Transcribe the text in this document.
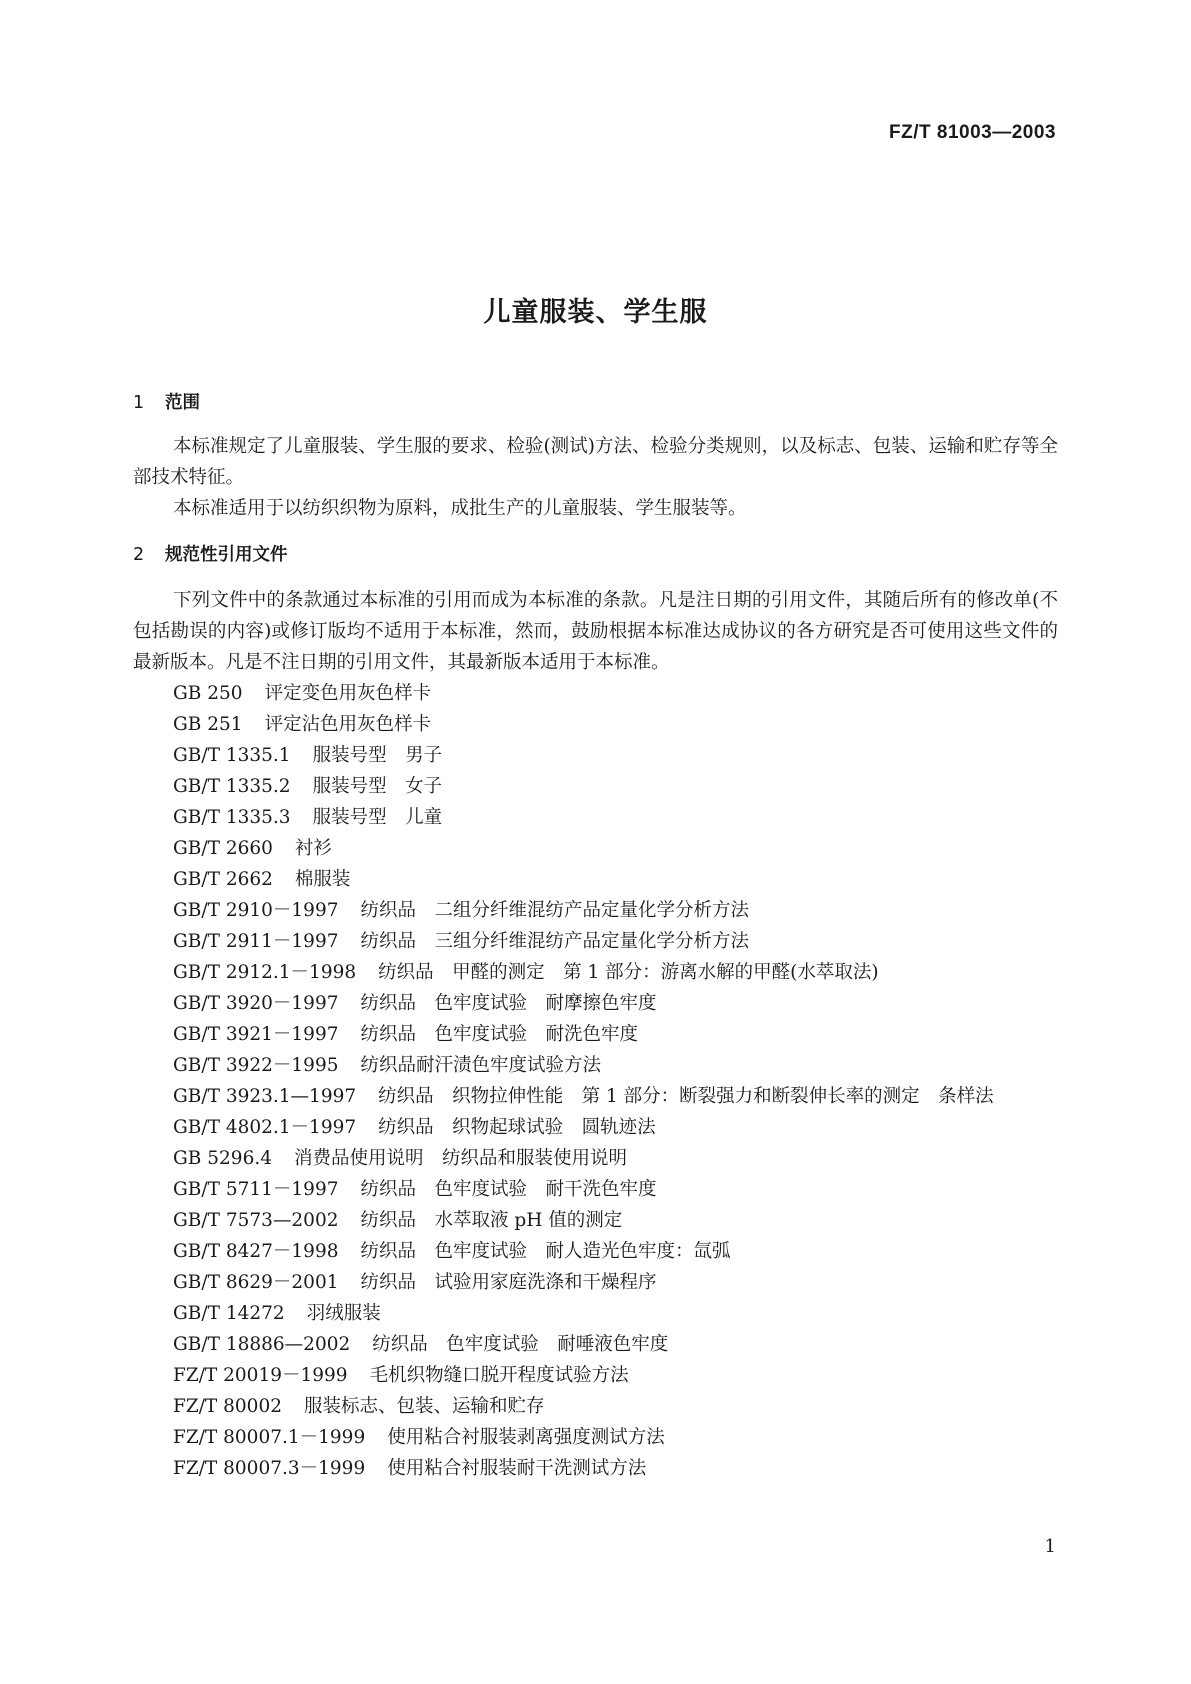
FZ/T 81003—2003
儿童服装、学生服
1 范围

本标准规定了儿童服装、学生服的要求、检验(测试)方法、检验分类规则，以及标志、包装、运输和贮存等全部技术特征。

本标准适用于以纺织织物为原料，成批生产的儿童服装、学生服装等。

2 规范性引用文件

下列文件中的条款通过本标准的引用而成为本标准的条款。凡是注日期的引用文件，其随后所有的修改单(不包括勘误的内容)或修订版均不适用于本标准，然而，鼓励根据本标准达成协议的各方研究是否可使用这些文件的最新版本。凡是不注日期的引用文件，其最新版本适用于本标准。

GB 250 评定变色用灰色样卡
GB 251 评定沾色用灰色样卡
GB/T 1335.1 服装号型　男子
GB/T 1335.2 服装号型　女子
GB/T 1335.3 服装号型　儿童
GB/T 2660 衬衫
GB/T 2662 棉服装
GB/T 2910－1997 纺织品　二组分纤维混纺产品定量化学分析方法
GB/T 2911－1997 纺织品　三组分纤维混纺产品定量化学分析方法
GB/T 2912.1－1998 纺织品　甲醛的测定　第 1 部分：游离水解的甲醛(水萃取法)
GB/T 3920－1997 纺织品　色牢度试验　耐摩擦色牢度
GB/T 3921－1997 纺织品　色牢度试验　耐洗色牢度
GB/T 3922－1995 纺织品耐汗渍色牢度试验方法
GB/T 3923.1—1997 纺织品　织物拉伸性能　第 1 部分：断裂强力和断裂伸长率的测定　条样法
GB/T 4802.1－1997 纺织品　织物起球试验　圆轨迹法
GB 5296.4 消费品使用说明　纺织品和服装使用说明
GB/T 5711－1997 纺织品　色牢度试验　耐干洗色牢度
GB/T 7573—2002 纺织品　水萃取液 pH 值的测定
GB/T 8427－1998 纺织品　色牢度试验　耐人造光色牢度：氙弧
GB/T 8629－2001 纺织品　试验用家庭洗涤和干燥程序
GB/T 14272 羽绒服装
GB/T 18886—2002 纺织品　色牢度试验　耐唾液色牢度
FZ/T 20019－1999 毛机织物缝口脱开程度试验方法
FZ/T 80002 服装标志、包装、运输和贮存
FZ/T 80007.1－1999 使用粘合衬服装剥离强度测试方法
FZ/T 80007.3－1999 使用粘合衬服装耐干洗测试方法
1
